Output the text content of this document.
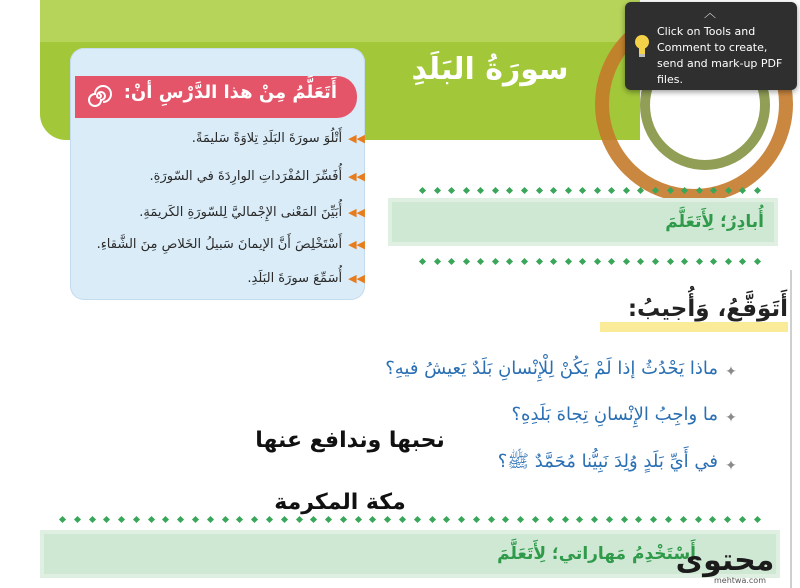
سورَةُ البَلَدِ
أَتَعَلَّمُ مِنْ هذا الدَّرْسِ أنْ:
◀◀أَتْلُوَ سورَةَ البَلَدِ تِلاوَةً سَليمَةً.
◀◀أُفَسِّرَ المُفْرَداتِ الوارِدَةَ في السّورَةِ.
◀◀أُبَيِّنَ المَعْنى الإِجْماليَّ لِلسّورَةِ الكَريمَةِ.
◀◀أَسْتَخْلِصَ أَنَّ الإيمانَ سَبيلُ الخَلاصِ مِنَ الشَّقاءِ.
◀◀أُسَمِّعَ سورَةَ البَلَدِ.
أُبادِرُ؛ لِأَتَعَلَّمَ
أَتَوَقَّعُ، وَأُجيبُ:
✦
ماذا يَحْدُثُ إذا لَمْ يَكُنْ لِلْإِنْسانِ بَلَدٌ يَعيشُ فيهِ؟
✦
ما واجِبُ الإِنْسانِ تِجاهَ بَلَدِهِ؟
✦
في أَيِّ بَلَدٍ وُلِدَ نَبِيُّنا مُحَمَّدٌ ﷺ؟
نحبها وندافع عنها
مكة المكرمة
أَسْتَخْدِمُ مَهاراتي؛ لِأَتَعَلَّمَ
محتوى
mehtwa.com
︿
Click on Tools and Comment to create, send and mark-up PDF files.
